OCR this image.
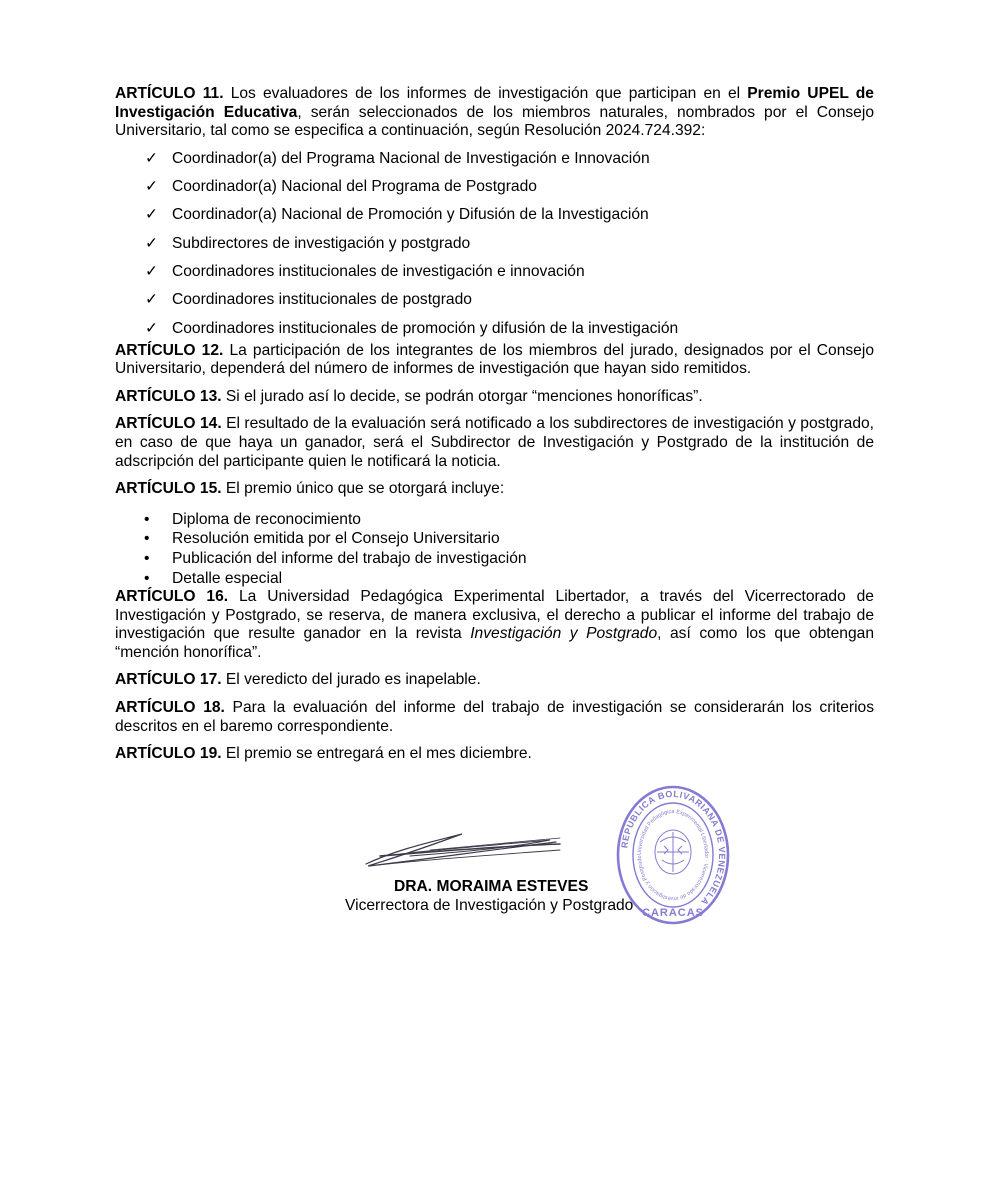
ARTÍCULO 11. Los evaluadores de los informes de investigación que participan en el Premio UPEL de Investigación Educativa, serán seleccionados de los miembros naturales, nombrados por el Consejo Universitario, tal como se especifica a continuación, según Resolución 2024.724.392:

✓ Coordinador(a) del Programa Nacional de Investigación e Innovación
✓ Coordinador(a) Nacional del Programa de Postgrado
✓ Coordinador(a) Nacional de Promoción y Difusión de la Investigación
✓ Subdirectores de investigación y postgrado
✓ Coordinadores institucionales de investigación e innovación
✓ Coordinadores institucionales de postgrado
✓ Coordinadores institucionales de promoción y difusión de la investigación

ARTÍCULO 12. La participación de los integrantes de los miembros del jurado, designados por el Consejo Universitario, dependerá del número de informes de investigación que hayan sido remitidos.

ARTÍCULO 13. Si el jurado así lo decide, se podrán otorgar “menciones honoríficas”.

ARTÍCULO 14. El resultado de la evaluación será notificado a los subdirectores de investigación y postgrado, en caso de que haya un ganador, será el Subdirector de Investigación y Postgrado de la institución de adscripción del participante quien le notificará la noticia.

ARTÍCULO 15. El premio único que se otorgará incluye:

• Diploma de reconocimiento
• Resolución emitida por el Consejo Universitario
• Publicación del informe del trabajo de investigación
• Detalle especial

ARTÍCULO 16. La Universidad Pedagógica Experimental Libertador, a través del Vicerrectorado de Investigación y Postgrado, se reserva, de manera exclusiva, el derecho a publicar el informe del trabajo de investigación que resulte ganador en la revista Investigación y Postgrado, así como los que obtengan “mención honorífica”.

ARTÍCULO 17. El veredicto del jurado es inapelable.

ARTÍCULO 18. Para la evaluación del informe del trabajo de investigación se considerarán los criterios descritos en el baremo correspondiente.

ARTÍCULO 19. El premio se entregará en el mes diciembre.

DRA. MORAIMA ESTEVES
Vicerrectora de Investigación y Postgrado
REPUBLICA BOLIVARIANA DE VENEZUELA
Universidad Pedagógica Experimental Libertador · Vicerrectorado de Investigación y Postgrado
CARACAS
